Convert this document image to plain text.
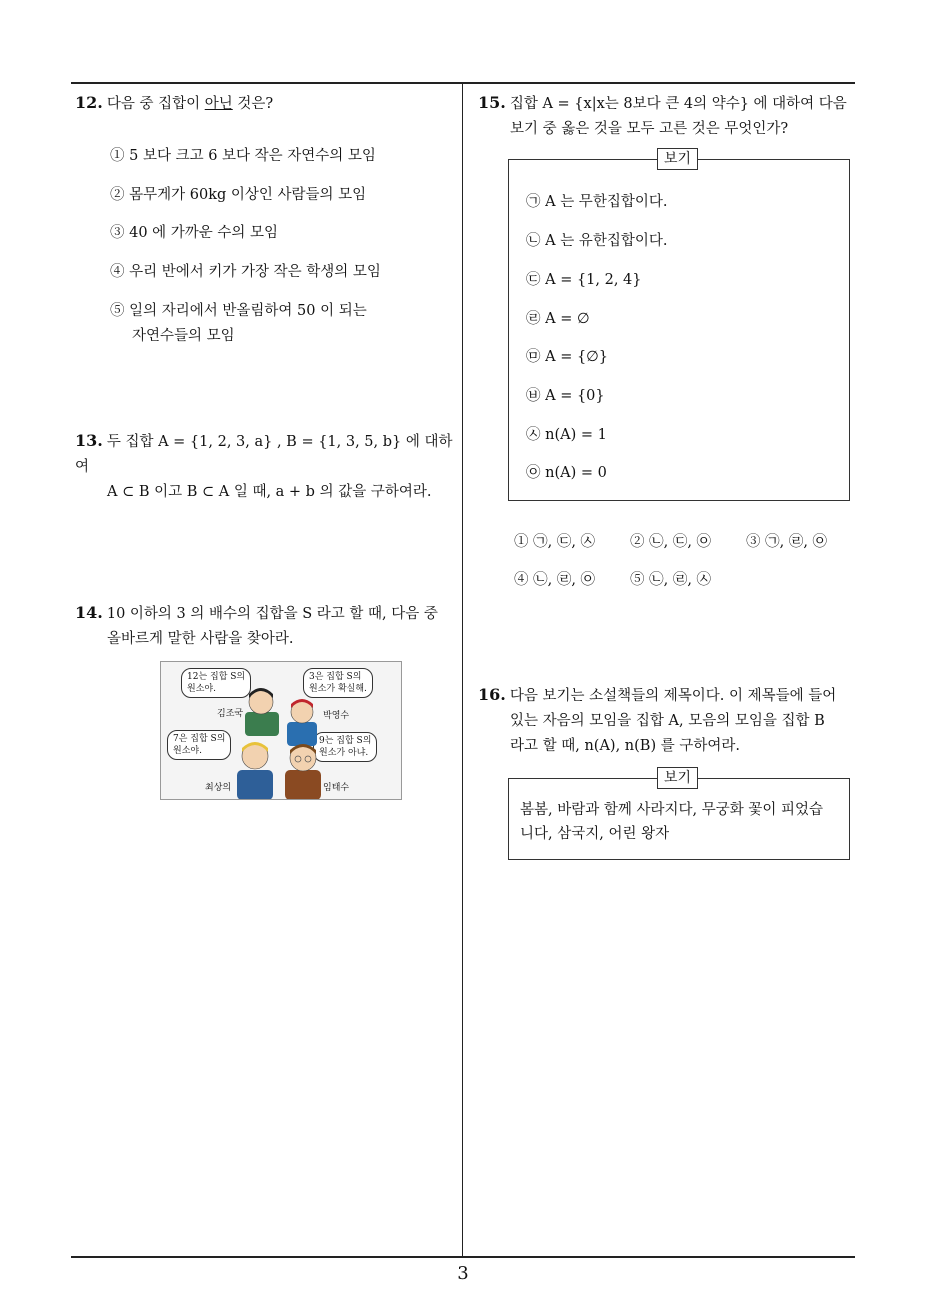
12. 다음 중 집합이 아닌 것은?
① 5 보다 크고 6 보다 작은 자연수의 모임
② 몸무게가 60kg 이상인 사람들의 모임
③ 40 에 가까운 수의 모임
④ 우리 반에서 키가 가장 작은 학생의 모임
⑤ 일의 자리에서 반올림하여 50 이 되는
자연수들의 모임
13. 두 집합 A = {1, 2, 3, a} , B = {1, 3, 5, b} 에 대하여
A ⊂ B 이고 B ⊂ A 일 때, a + b 의 값을 구하여라.
14. 10 이하의 3 의 배수의 집합을 S 라고 할 때, 다음 중
올바르게 말한 사람을 찾아라.
12는 집합 S의
원소야.
3은 집합 S의
원소가 확실해.
7은 집합 S의
원소야.
9는 집합 S의
원소가 아냐.
김조국	박영수
최상의	임태수
15. 집합 A = {x|x는 8보다 큰 4의 약수} 에 대하여 다음
보기 중 옳은 것을 모두 고른 것은 무엇인가?
보기
㉠ A 는 무한집합이다.
㉡ A 는 유한집합이다.
㉢ A = {1, 2, 4}
㉣ A = ∅
㉤ A = {∅}
㉥ A = {0}
㉦ n(A) = 1
㉧ n(A) = 0
① ㉠, ㉢, ㉦ ② ㉡, ㉢, ㉧ ③ ㉠, ㉣, ㉧
④ ㉡, ㉣, ㉧ ⑤ ㉡, ㉣, ㉦
16. 다음 보기는 소설책들의 제목이다. 이 제목들에 들어
있는 자음의 모임을 집합 A, 모음의 모임을 집합 B
라고 할 때, n(A), n(B) 를 구하여라.
보기
봄봄, 바람과 함께 사라지다, 무궁화 꽃이 피었습
니다, 삼국지, 어린 왕자
3
